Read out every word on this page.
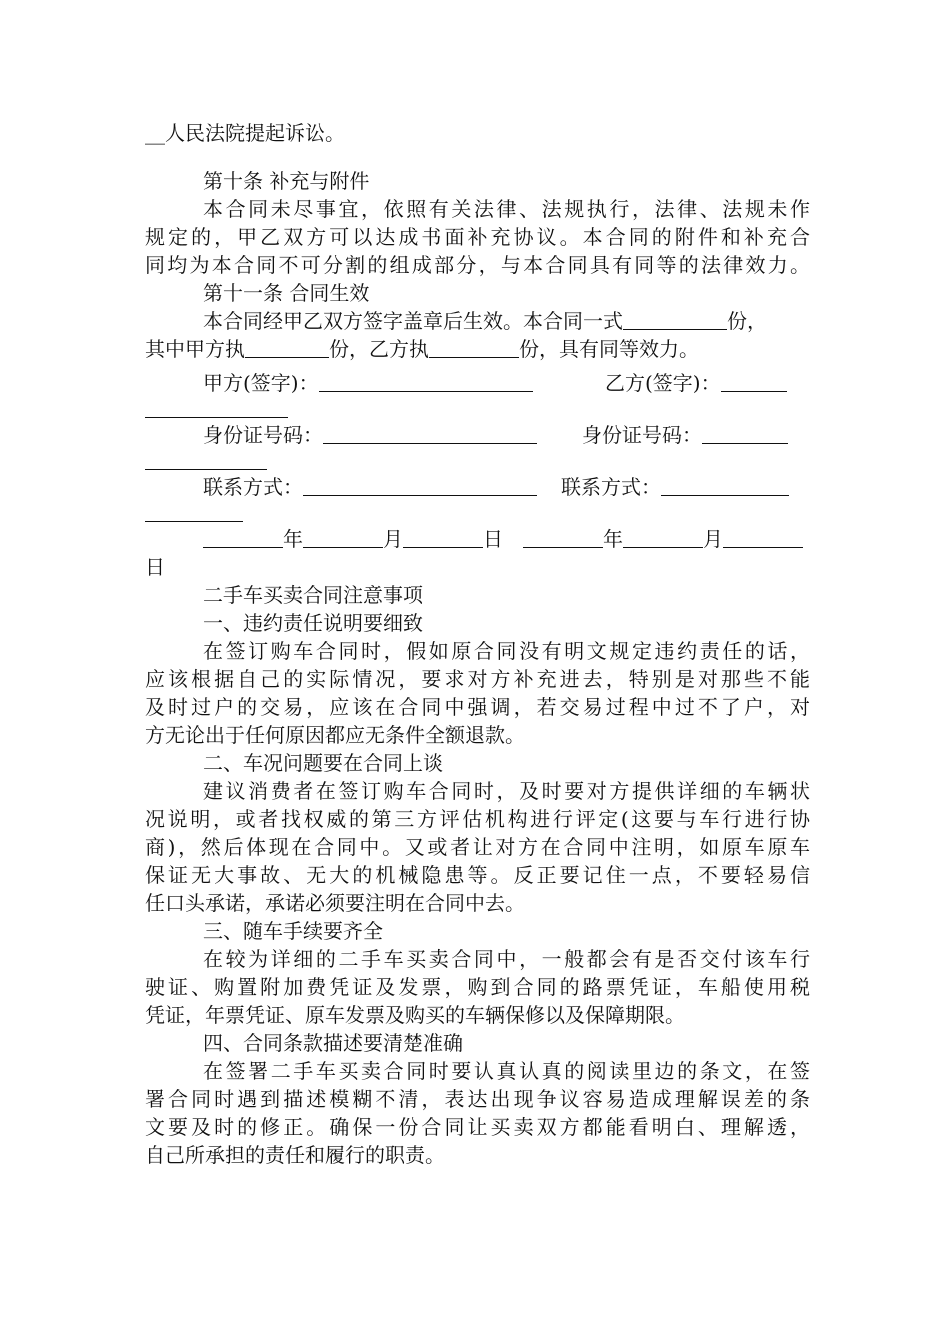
__人民法院提起诉讼。
第十条 补充与附件
本合同未尽事宜，依照有关法律、法规执行，法律、法规未作
规定的，甲乙双方可以达成书面补充协议。本合同的附件和补充合
同均为本合同不可分割的组成部分，与本合同具有同等的法律效力。
第十一条 合同生效
本合同经甲乙双方签字盖章后生效。本合同一式	份，
其中甲方执	份，乙方执	份，具有同等效力。
甲方(签字)：	乙方(签字)：
身份证号码：	身份证号码：
联系方式：	联系方式：
年	月	日	年	月
日
二手车买卖合同注意事项
一、违约责任说明要细致
在签订购车合同时，假如原合同没有明文规定违约责任的话，
应该根据自己的实际情况，要求对方补充进去，特别是对那些不能
及时过户的交易，应该在合同中强调，若交易过程中过不了户，对
方无论出于任何原因都应无条件全额退款。
二、车况问题要在合同上谈
建议消费者在签订购车合同时，及时要对方提供详细的车辆状
况说明，或者找权威的第三方评估机构进行评定(这要与车行进行协
商)，然后体现在合同中。又或者让对方在合同中注明，如原车原车
保证无大事故、无大的机械隐患等。反正要记住一点，不要轻易信
任口头承诺，承诺必须要注明在合同中去。
三、随车手续要齐全
在较为详细的二手车买卖合同中，一般都会有是否交付该车行
驶证、购置附加费凭证及发票，购到合同的路票凭证，车船使用税
凭证，年票凭证、原车发票及购买的车辆保修以及保障期限。
四、合同条款描述要清楚准确
在签署二手车买卖合同时要认真认真的阅读里边的条文，在签
署合同时遇到描述模糊不清，表达出现争议容易造成理解误差的条
文要及时的修正。确保一份合同让买卖双方都能看明白、理解透，
自己所承担的责任和履行的职责。
